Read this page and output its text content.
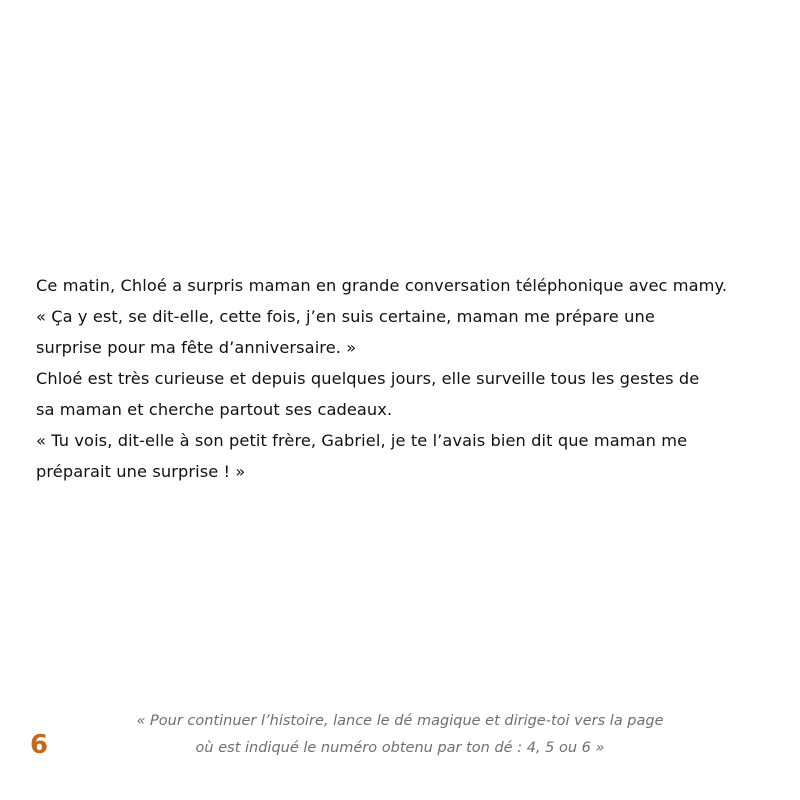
Ce matin, Chloé a surpris maman en grande conversation téléphonique avec mamy.

« Ça y est, se dit-elle, cette fois, j’en suis certaine, maman me prépare une

surprise pour ma fête d’anniversaire. »

Chloé est très curieuse et depuis quelques jours, elle surveille tous les gestes de

sa maman et cherche partout ses cadeaux.

« Tu vois, dit-elle à son petit frère, Gabriel, je te l’avais bien dit que maman me

préparait une surprise ! »

« Pour continuer l’histoire, lance le dé magique et dirige-toi vers la page

où est indiqué le numéro obtenu par ton dé : 4, 5 ou 6 »

6
